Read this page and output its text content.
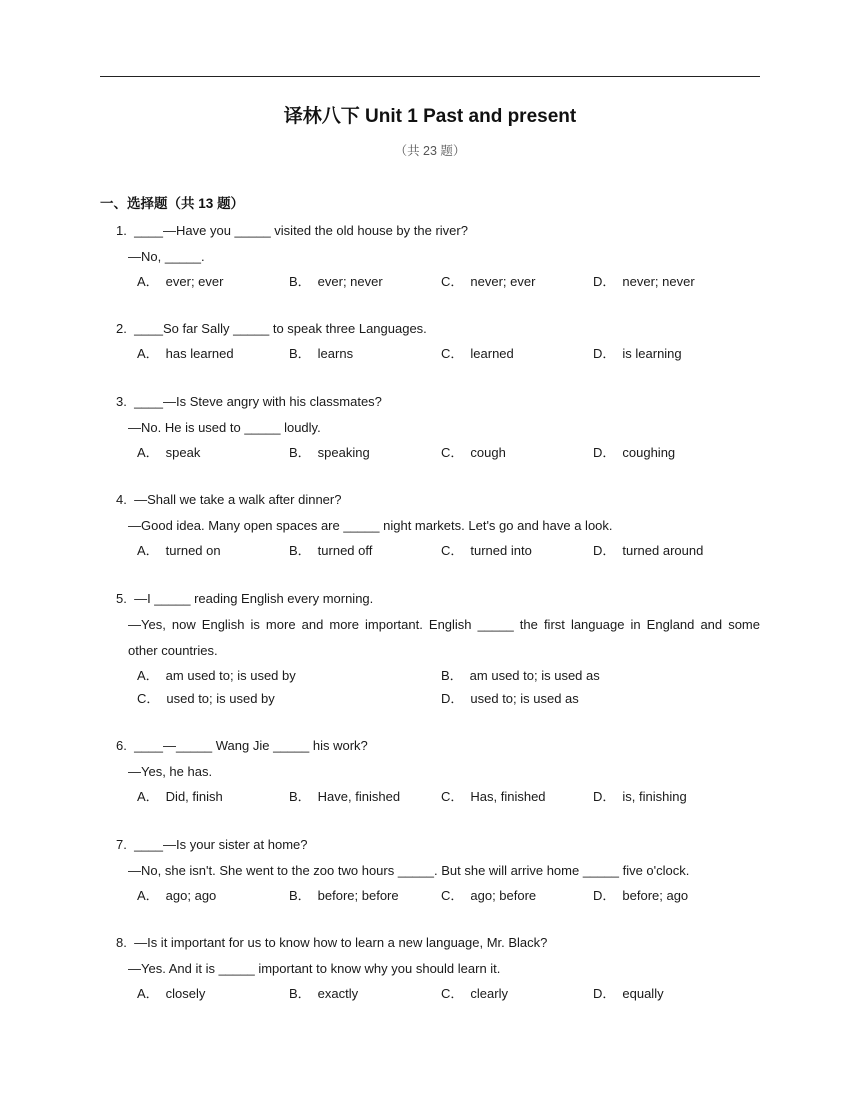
译林八下 Unit 1 Past and present
（共 23 题）
一、选择题（共 13 题）
1. ____—Have you _____ visited the old house by the river?
—No, _____.
A． ever; ever	B． ever; never	C． never; ever	D． never; never
2. ____So far Sally _____ to speak three Languages.
A． has learned	B． learns	C． learned	D． is learning
3. ____—Is Steve angry with his classmates?
—No. He is used to _____ loudly.
A． speak	B． speaking	C． cough	D． coughing
4. —Shall we take a walk after dinner?
—Good idea. Many open spaces are _____ night markets. Let's go and have a look.
A． turned on	B． turned off	C． turned into	D． turned around
5. —I _____ reading English every morning.
—Yes, now English is more and more important. English _____ the first language in England and some
other countries.
A． am used to; is used by	B． am used to; is used as
C． used to; is used by	D． used to; is used as
6. ____—_____ Wang Jie _____ his work?
—Yes, he has.
A． Did, finish	B． Have, finished	C． Has, finished	D． is, finishing
7. ____—Is your sister at home?
—No, she isn't. She went to the zoo two hours _____. But she will arrive home _____ five o'clock.
A． ago; ago	B． before; before	C． ago; before	D． before; ago
8. —Is it important for us to know how to learn a new language, Mr. Black?
—Yes. And it is _____ important to know why you should learn it.
A． closely	B． exactly	C． clearly	D． equally
